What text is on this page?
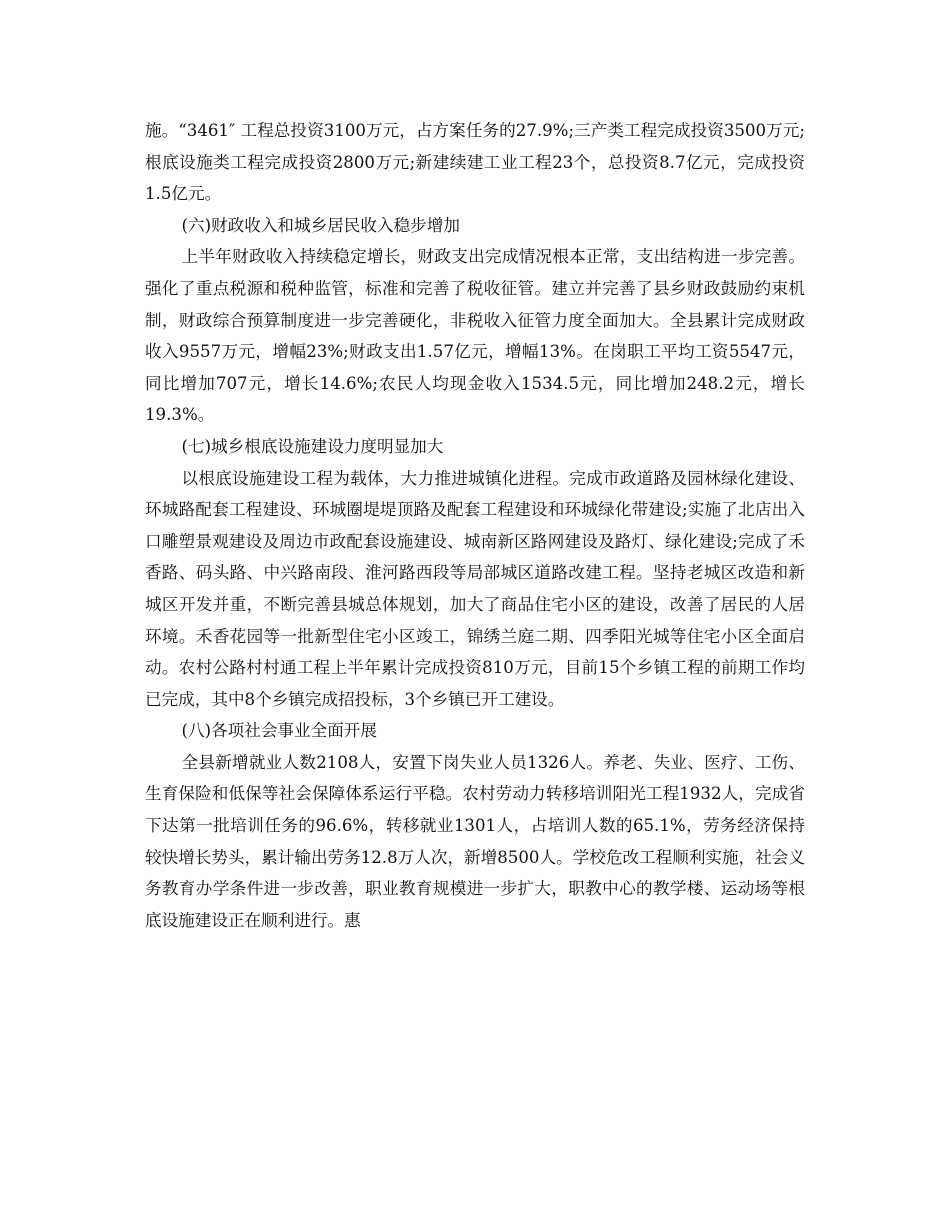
施。“3461″ 工程总投资3100万元，占方案任务的27.9%;三产类工程完成投资3500万元;根底设施类工程完成投资2800万元;新建续建工业工程23个，总投资8.7亿元，完成投资1.5亿元。

(六)财政收入和城乡居民收入稳步增加

上半年财政收入持续稳定增长，财政支出完成情况根本正常，支出结构进一步完善。强化了重点税源和税种监管，标准和完善了税收征管。建立并完善了县乡财政鼓励约束机制，财政综合预算制度进一步完善硬化，非税收入征管力度全面加大。全县累计完成财政收入9557万元，增幅23%;财政支出1.57亿元，增幅13%。在岗职工平均工资5547元，同比增加707元，增长14.6%;农民人均现金收入1534.5元，同比增加248.2元，增长19.3%。

(七)城乡根底设施建设力度明显加大

以根底设施建设工程为载体，大力推进城镇化进程。完成市政道路及园林绿化建设、环城路配套工程建设、环城圈堤堤顶路及配套工程建设和环城绿化带建设;实施了北店出入口雕塑景观建设及周边市政配套设施建设、城南新区路网建设及路灯、绿化建设;完成了禾香路、码头路、中兴路南段、淮河路西段等局部城区道路改建工程。坚持老城区改造和新城区开发并重，不断完善县城总体规划，加大了商品住宅小区的建设，改善了居民的人居环境。禾香花园等一批新型住宅小区竣工，锦绣兰庭二期、四季阳光城等住宅小区全面启动。农村公路村村通工程上半年累计完成投资810万元，目前15个乡镇工程的前期工作均已完成，其中8个乡镇完成招投标，3个乡镇已开工建设。

(八)各项社会事业全面开展

全县新增就业人数2108人，安置下岗失业人员1326人。养老、失业、医疗、工伤、生育保险和低保等社会保障体系运行平稳。农村劳动力转移培训阳光工程1932人，完成省下达第一批培训任务的96.6%，转移就业1301人，占培训人数的65.1%，劳务经济保持较快增长势头，累计输出劳务12.8万人次，新增8500人。学校危改工程顺利实施，社会义务教育办学条件进一步改善，职业教育规模进一步扩大，职教中心的教学楼、运动场等根底设施建设正在顺利进行。惠
